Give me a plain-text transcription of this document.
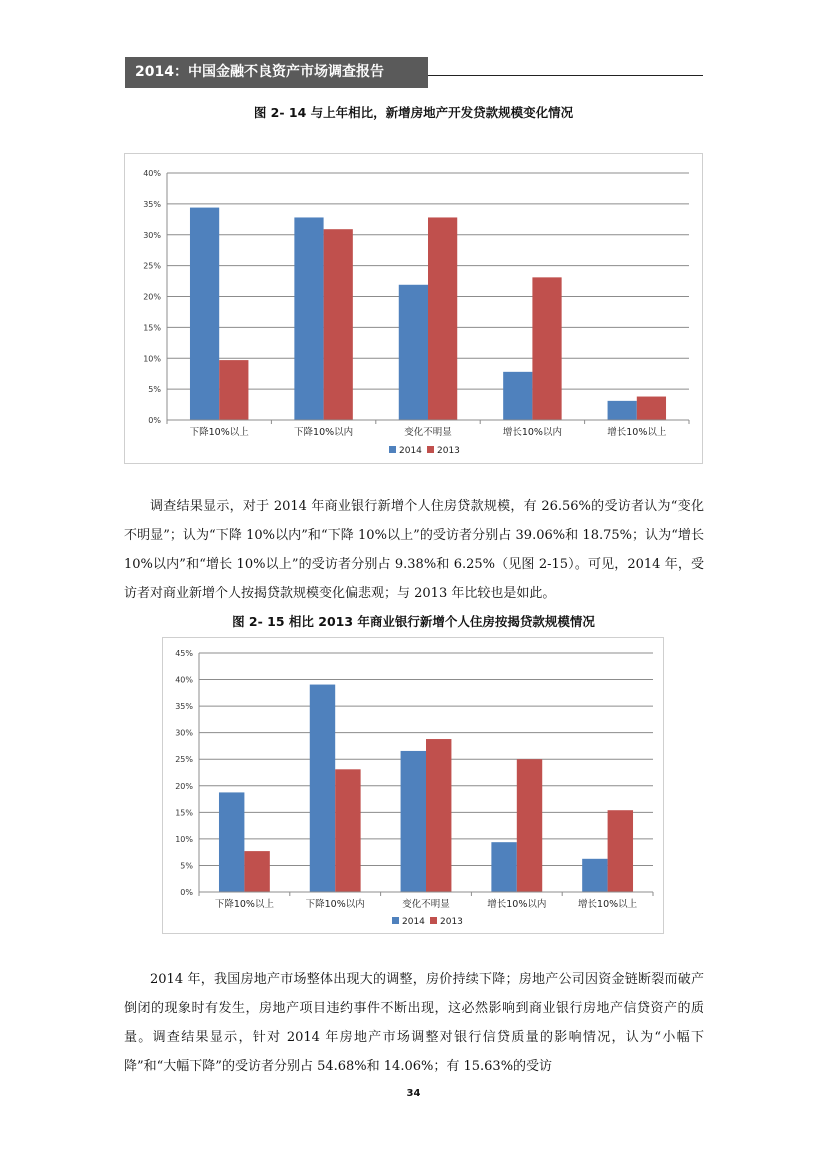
2014：中国金融不良资产市场调查报告
图 2- 14 与上年相比，新增房地产开发贷款规模变化情况
0%
5%
10%
15%
20%
25%
30%
35%
40%
下降10%以上	下降10%以内	变化不明显	增长10%以内	增长10%以上
2014 2013

调查结果显示，对于 2014 年商业银行新增个人住房贷款规模，有 26.56%的受访者认为“变化不明显”；认为“下降 10%以内”和“下降 10%以上”的受访者分别占 39.06%和 18.75%；认为“增长 10%以内”和“增长 10%以上”的受访者分别占 9.38%和 6.25%（见图 2-15）。可见，2014 年，受访者对商业新增个人按揭贷款规模变化偏悲观；与 2013 年比较也是如此。

图 2- 15 相比 2013 年商业银行新增个人住房按揭贷款规模情况
0%
5%
10%
15%
20%
25%
30%
35%
40%
45%
下降10%以上	下降10%以内	变化不明显	增长10%以内	增长10%以上
2014 2013

2014 年，我国房地产市场整体出现大的调整，房价持续下降；房地产公司因资金链断裂而破产倒闭的现象时有发生，房地产项目违约事件不断出现，这必然影响到商业银行房地产信贷资产的质量。调查结果显示，针对 2014 年房地产市场调整对银行信贷质量的影响情况，认为“小幅下降”和“大幅下降”的受访者分别占 54.68%和 14.06%；有 15.63%的受访

34
